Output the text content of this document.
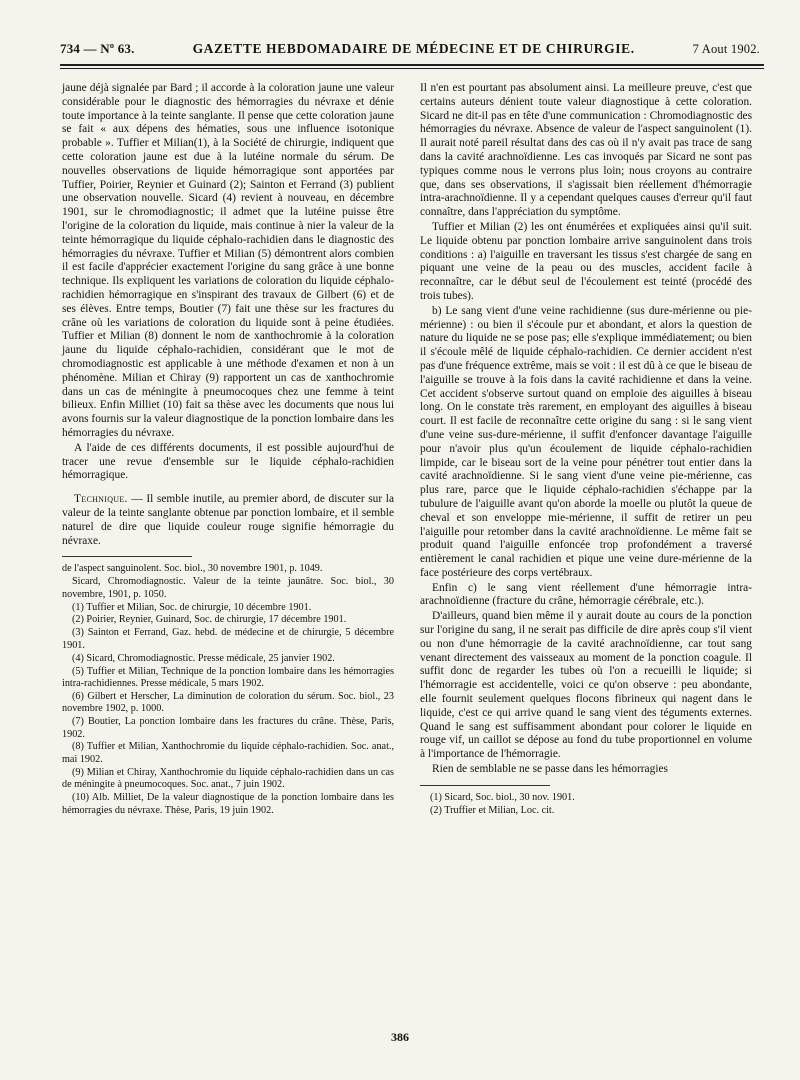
734 — Nº 63.	GAZETTE HEBDOMADAIRE DE MÉDECINE ET DE CHIRURGIE.	7 Aout 1902.

jaune déjà signalée par Bard ; il accorde à la coloration jaune une valeur considérable pour le diagnostic des hémorragies du névraxe et dénie toute importance à la teinte sanglante. Il pense que cette coloration jaune se fait « aux dépens des hématies, sous une influence isotonique probable ». Tuffier et Milian(1), à la Société de chirurgie, indiquent que cette coloration jaune est due à la lutéine normale du sérum. De nouvelles observations de liquide hémorragique sont apportées par Tuffier, Poirier, Reynier et Guinard (2); Sainton et Ferrand (3) publient une observation nouvelle. Sicard (4) revient à nouveau, en décembre 1901, sur le chromodiagnostic; il admet que la lutéine puisse être l'origine de la coloration du liquide, mais continue à nier la valeur de la teinte hémorragique du liquide céphalo-rachidien dans le diagnostic des hémorragies du névraxe. Tuffier et Milian (5) démontrent alors combien il est facile d'apprécier exactement l'origine du sang grâce à une bonne technique. Ils expliquent les variations de coloration du liquide céphalo-rachidien hémorragique en s'inspirant des travaux de Gilbert (6) et de ses élèves. Entre temps, Boutier (7) fait une thèse sur les fractures du crâne où les variations de coloration du liquide sont à peine étudiées. Tuffier et Milian (8) donnent le nom de xanthochromie à la coloration jaune du liquide céphalo-rachidien, considérant que le mot de chromodiagnostic est applicable à une méthode d'examen et non à un phénomène. Milian et Chiray (9) rapportent un cas de xanthochromie dans un cas de méningite à pneumocoques chez une femme à teint bilieux. Enfin Milliet (10) fait sa thèse avec les documents que nous lui avons fournis sur la valeur diagnostique de la ponction lombaire dans les hémorragies du névraxe.

A l'aide de ces différents documents, il est possible aujourd'hui de tracer une revue d'ensemble sur le liquide céphalo-rachidien hémorragique.

Technique. — Il semble inutile, au premier abord, de discuter sur la valeur de la teinte sanglante obtenue par ponction lombaire, et il semble naturel de dire que liquide couleur rouge signifie hémorragie du névraxe.

de l'aspect sanguinolent. Soc. biol., 30 novembre 1901, p. 1049.
Sicard, Chromodiagnostic. Valeur de la teinte jaunâtre. Soc. biol., 30 novembre, 1901, p. 1050.
(1) Tuffier et Milian, Soc. de chirurgie, 10 décembre 1901.
(2) Poirier, Reynier, Guinard, Soc. de chirurgie, 17 décembre 1901.
(3) Sainton et Ferrand, Gaz. hebd. de médecine et de chirurgie, 5 décembre 1901.
(4) Sicard, Chromodiagnostic. Presse médicale, 25 janvier 1902.
(5) Tuffier et Milian, Technique de la ponction lombaire dans les hémorragies intra-rachidiennes. Presse médicale, 5 mars 1902.
(6) Gilbert et Herscher, La diminution de coloration du sérum. Soc. biol., 23 novembre 1902, p. 1000.
(7) Boutier, La ponction lombaire dans les fractures du crâne. Thèse, Paris, 1902.
(8) Tuffier et Milian, Xanthochromie du liquide céphalo-rachidien. Soc. anat., mai 1902.
(9) Milian et Chiray, Xanthochromie du liquide céphalo-rachidien dans un cas de méningite à pneumocoques. Soc. anat., 7 juin 1902.
(10) Alb. Milliet, De la valeur diagnostique de la ponction lombaire dans les hémorragies du névraxe. Thèse, Paris, 19 juin 1902.

Il n'en est pourtant pas absolument ainsi. La meilleure preuve, c'est que certains auteurs dénient toute valeur diagnostique à cette coloration. Sicard ne dit-il pas en tête d'une communication : Chromodiagnostic des hémorragies du névraxe. Absence de valeur de l'aspect sanguinolent (1). Il aurait noté pareil résultat dans des cas où il n'y avait pas trace de sang dans la cavité arachnoïdienne. Les cas invoqués par Sicard ne sont pas typiques comme nous le verrons plus loin; nous croyons au contraire que, dans ses observations, il s'agissait bien réellement d'hémorragie intra-arachnoïdienne. Il y a cependant quelques causes d'erreur qu'il faut connaître, dans l'appréciation du symptôme.

Tuffier et Milian (2) les ont énumérées et expliquées ainsi qu'il suit. Le liquide obtenu par ponction lombaire arrive sanguinolent dans trois conditions : a) l'aiguille en traversant les tissus s'est chargée de sang en piquant une veine de la peau ou des muscles, accident facile à reconnaître, car le début seul de l'écoulement est teinté (procédé des trois tubes).

b) Le sang vient d'une veine rachidienne (sus dure-mérienne ou pie-mérienne) : ou bien il s'écoule pur et abondant, et alors la question de nature du liquide ne se pose pas; elle s'explique immédiatement; ou bien il s'écoule mêlé de liquide céphalo-rachidien. Ce dernier accident n'est pas d'une fréquence extrême, mais se voit : il est dû à ce que le biseau de l'aiguille se trouve à la fois dans la cavité rachidienne et dans la veine. Cet accident s'observe surtout quand on emploie des aiguilles à biseau long. On le constate très rarement, en employant des aiguilles à biseau court. Il est facile de reconnaître cette origine du sang : si le sang vient d'une veine sus-dure-mérienne, il suffit d'enfoncer davantage l'aiguille pour n'avoir plus qu'un écoulement de liquide céphalo-rachidien limpide, car le biseau sort de la veine pour pénétrer tout entier dans la cavité arachnoïdienne. Si le sang vient d'une veine pie-mérienne, cas plus rare, parce que le liquide céphalo-rachidien s'échappe par la tubulure de l'aiguille avant qu'on aborde la moelle ou plutôt la queue de cheval et son enveloppe mie-mérienne, il suffit de retirer un peu l'aiguille pour retomber dans la cavité arachnoïdienne. Le même fait se produit quand l'aiguille enfoncée trop profondément a traversé entièrement le canal rachidien et pique une veine dure-mérienne de la face postérieure des corps vertébraux.

Enfin c) le sang vient réellement d'une hémorragie intra-arachnoïdienne (fracture du crâne, hémorragie cérébrale, etc.).

D'ailleurs, quand bien même il y aurait doute au cours de la ponction sur l'origine du sang, il ne serait pas difficile de dire après coup s'il vient ou non d'une hémorragie de la cavité arachnoïdienne, car tout sang venant directement des vaisseaux au moment de la ponction coagule. Il suffit donc de regarder les tubes où l'on a recueilli le liquide; si l'hémorragie est accidentelle, voici ce qu'on observe : peu abondante, elle fournit seulement quelques flocons fibrineux qui nagent dans le liquide, c'est ce qui arrive quand le sang vient des téguments externes. Quand le sang est suffisamment abondant pour colorer le liquide en rouge vif, un caillot se dépose au fond du tube proportionnel en volume à l'importance de l'hémorragie.

Rien de semblable ne se passe dans les hémorragies

(1) Sicard, Soc. biol., 30 nov. 1901.
(2) Truffier et Milian, Loc. cit.
386
